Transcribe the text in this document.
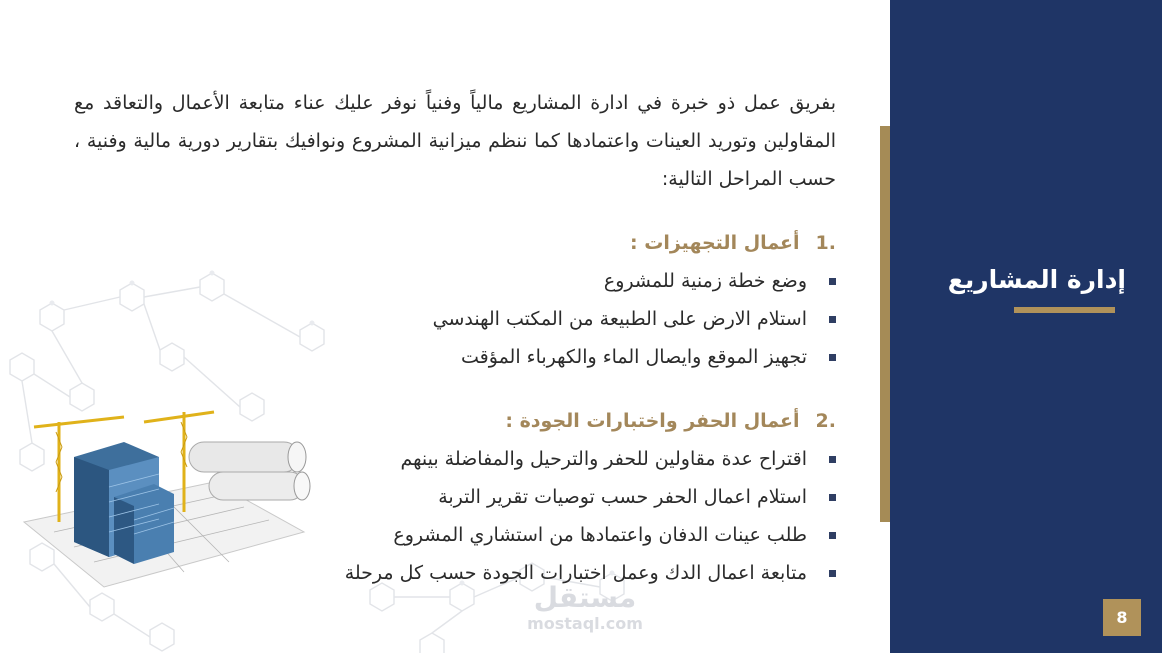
مستقل
mostaql.com

بفريق عمل ذو خبرة في ادارة المشاريع مالياً وفنياً نوفر عليك عناء متابعة الأعمال والتعاقد مع المقاولين وتوريد العينات واعتمادها كما ننظم ميزانية المشروع ونوافيك بتقارير دورية مالية وفنية ، حسب المراحل التالية:

1.
أعمال التجهيزات :
وضع خطة زمنية للمشروع
استلام الارض على الطبيعة من المكتب الهندسي
تجهيز الموقع وايصال الماء والكهرباء المؤقت
2.
أعمال الحفر واختبارات الجودة :
اقتراح عدة مقاولين للحفر والترحيل والمفاضلة بينهم
استلام اعمال الحفر حسب توصيات تقرير التربة
طلب عينات الدفان واعتمادها من استشاري المشروع
متابعة اعمال الدك وعمل اختبارات الجودة حسب كل مرحلة
إدارة المشاريع
8
